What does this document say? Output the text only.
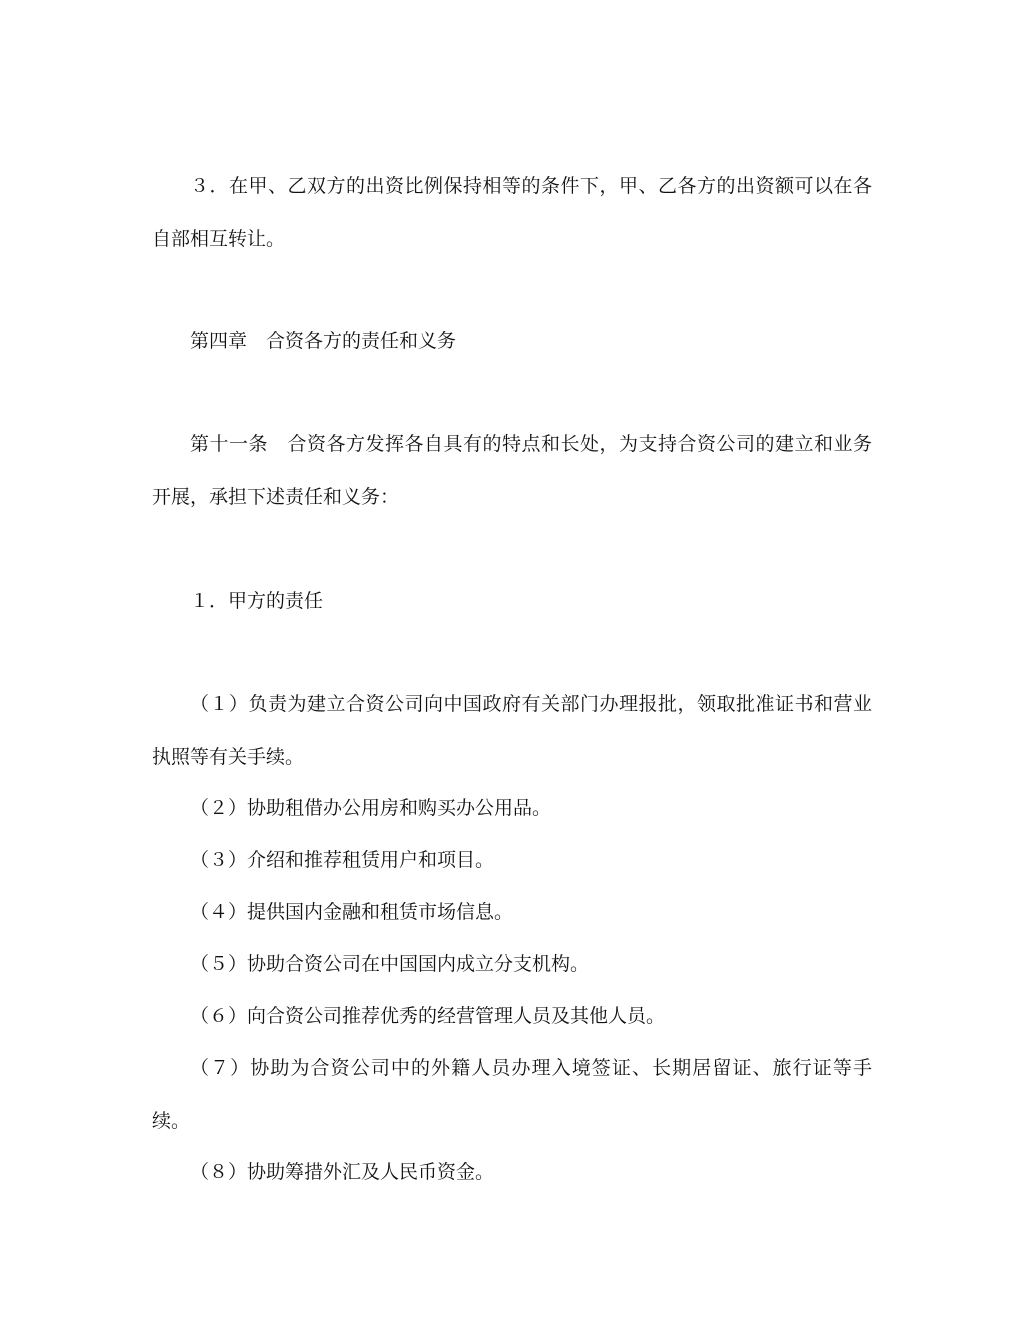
３．在甲、乙双方的出资比例保持相等的条件下，甲、乙各方的出资额可以在各自部相互转让。

第四章　合资各方的责任和义务

第十一条　合资各方发挥各自具有的特点和长处，为支持合资公司的建立和业务开展，承担下述责任和义务：

１．甲方的责任

（１）负责为建立合资公司向中国政府有关部门办理报批，领取批准证书和营业执照等有关手续。

（２）协助租借办公用房和购买办公用品。

（３）介绍和推荐租赁用户和项目。

（４）提供国内金融和租赁市场信息。

（５）协助合资公司在中国国内成立分支机构。

（６）向合资公司推荐优秀的经营管理人员及其他人员。

（７）协助为合资公司中的外籍人员办理入境签证、长期居留证、旅行证等手续。

（８）协助筹措外汇及人民币资金。
